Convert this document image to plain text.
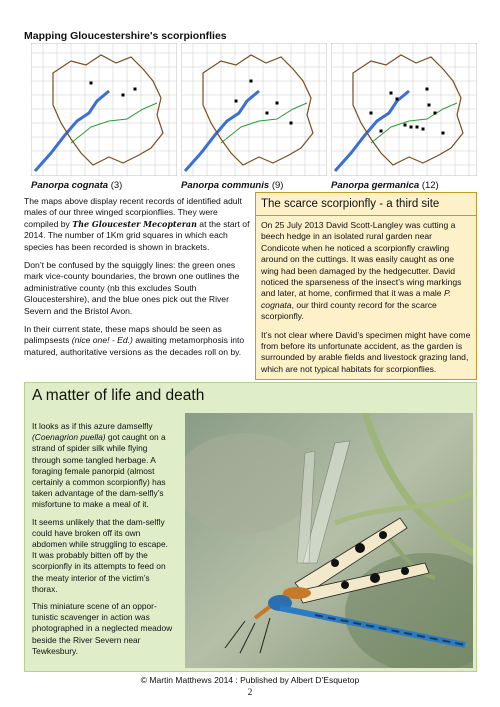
Mapping Gloucestershire's scorpionflies
Panorpa cognata (3)	Panorpa communis (9)	Panorpa germanica (12)

The maps above display recent records of identified adult males of our three winged scorpionflies. They were compiled by The Gloucester Mecopteran at the start of 2014. The number of 1Km grid squares in which each species has been recorded is shown in brackets.

Don’t be confused by the squiggly lines: the green ones mark vice-county boundaries, the brown one outlines the administrative county (nb this excludes South Gloucestershire), and the blue ones pick out the River Severn and the Bristol Avon.

In their current state, these maps should be seen as palimpsests (nice one! - Ed.) awaiting metamorphosis into matured, authoritative versions as the decades roll on by.

The scarce scorpionfly - a third site

On 25 July 2013 David Scott-Langley was cutting a beech hedge in an isolated rural garden near Condicote when he noticed a scorpionfly crawling around on the cuttings. It was easily caught as one wing had been damaged by the hedgecutter. David noticed the sparseness of the insect’s wing markings and later, at home, confirmed that it was a male P. cognata, our third county record for the scarce scorpionfly.

It’s not clear where David’s specimen might have come from before its unfortunate accident, as the garden is surrounded by arable fields and livestock grazing land, which are not typical habitats for scorpionflies.

A matter of life and death

It looks as if this azure damselfly (Coenagrion puella) got caught on a strand of spider silk while flying through some tangled herbage. A foraging female panorpid (almost certainly a common scorpionfly) has taken advantage of the dam-selfly’s misfortune to make a meal of it.

It seems unlikely that the dam-selfly could have broken off its own abdomen while struggling to escape. It was probably bitten off by the scorpionfly in its attempts to feed on the meaty interior of the victim’s thorax.

This miniature scene of an oppor-tunistic scavenger in action was photographed in a neglected meadow beside the River Severn near Tewkesbury.

© Martin Matthews 2014 : Published by Albert D’Esquetop
2
